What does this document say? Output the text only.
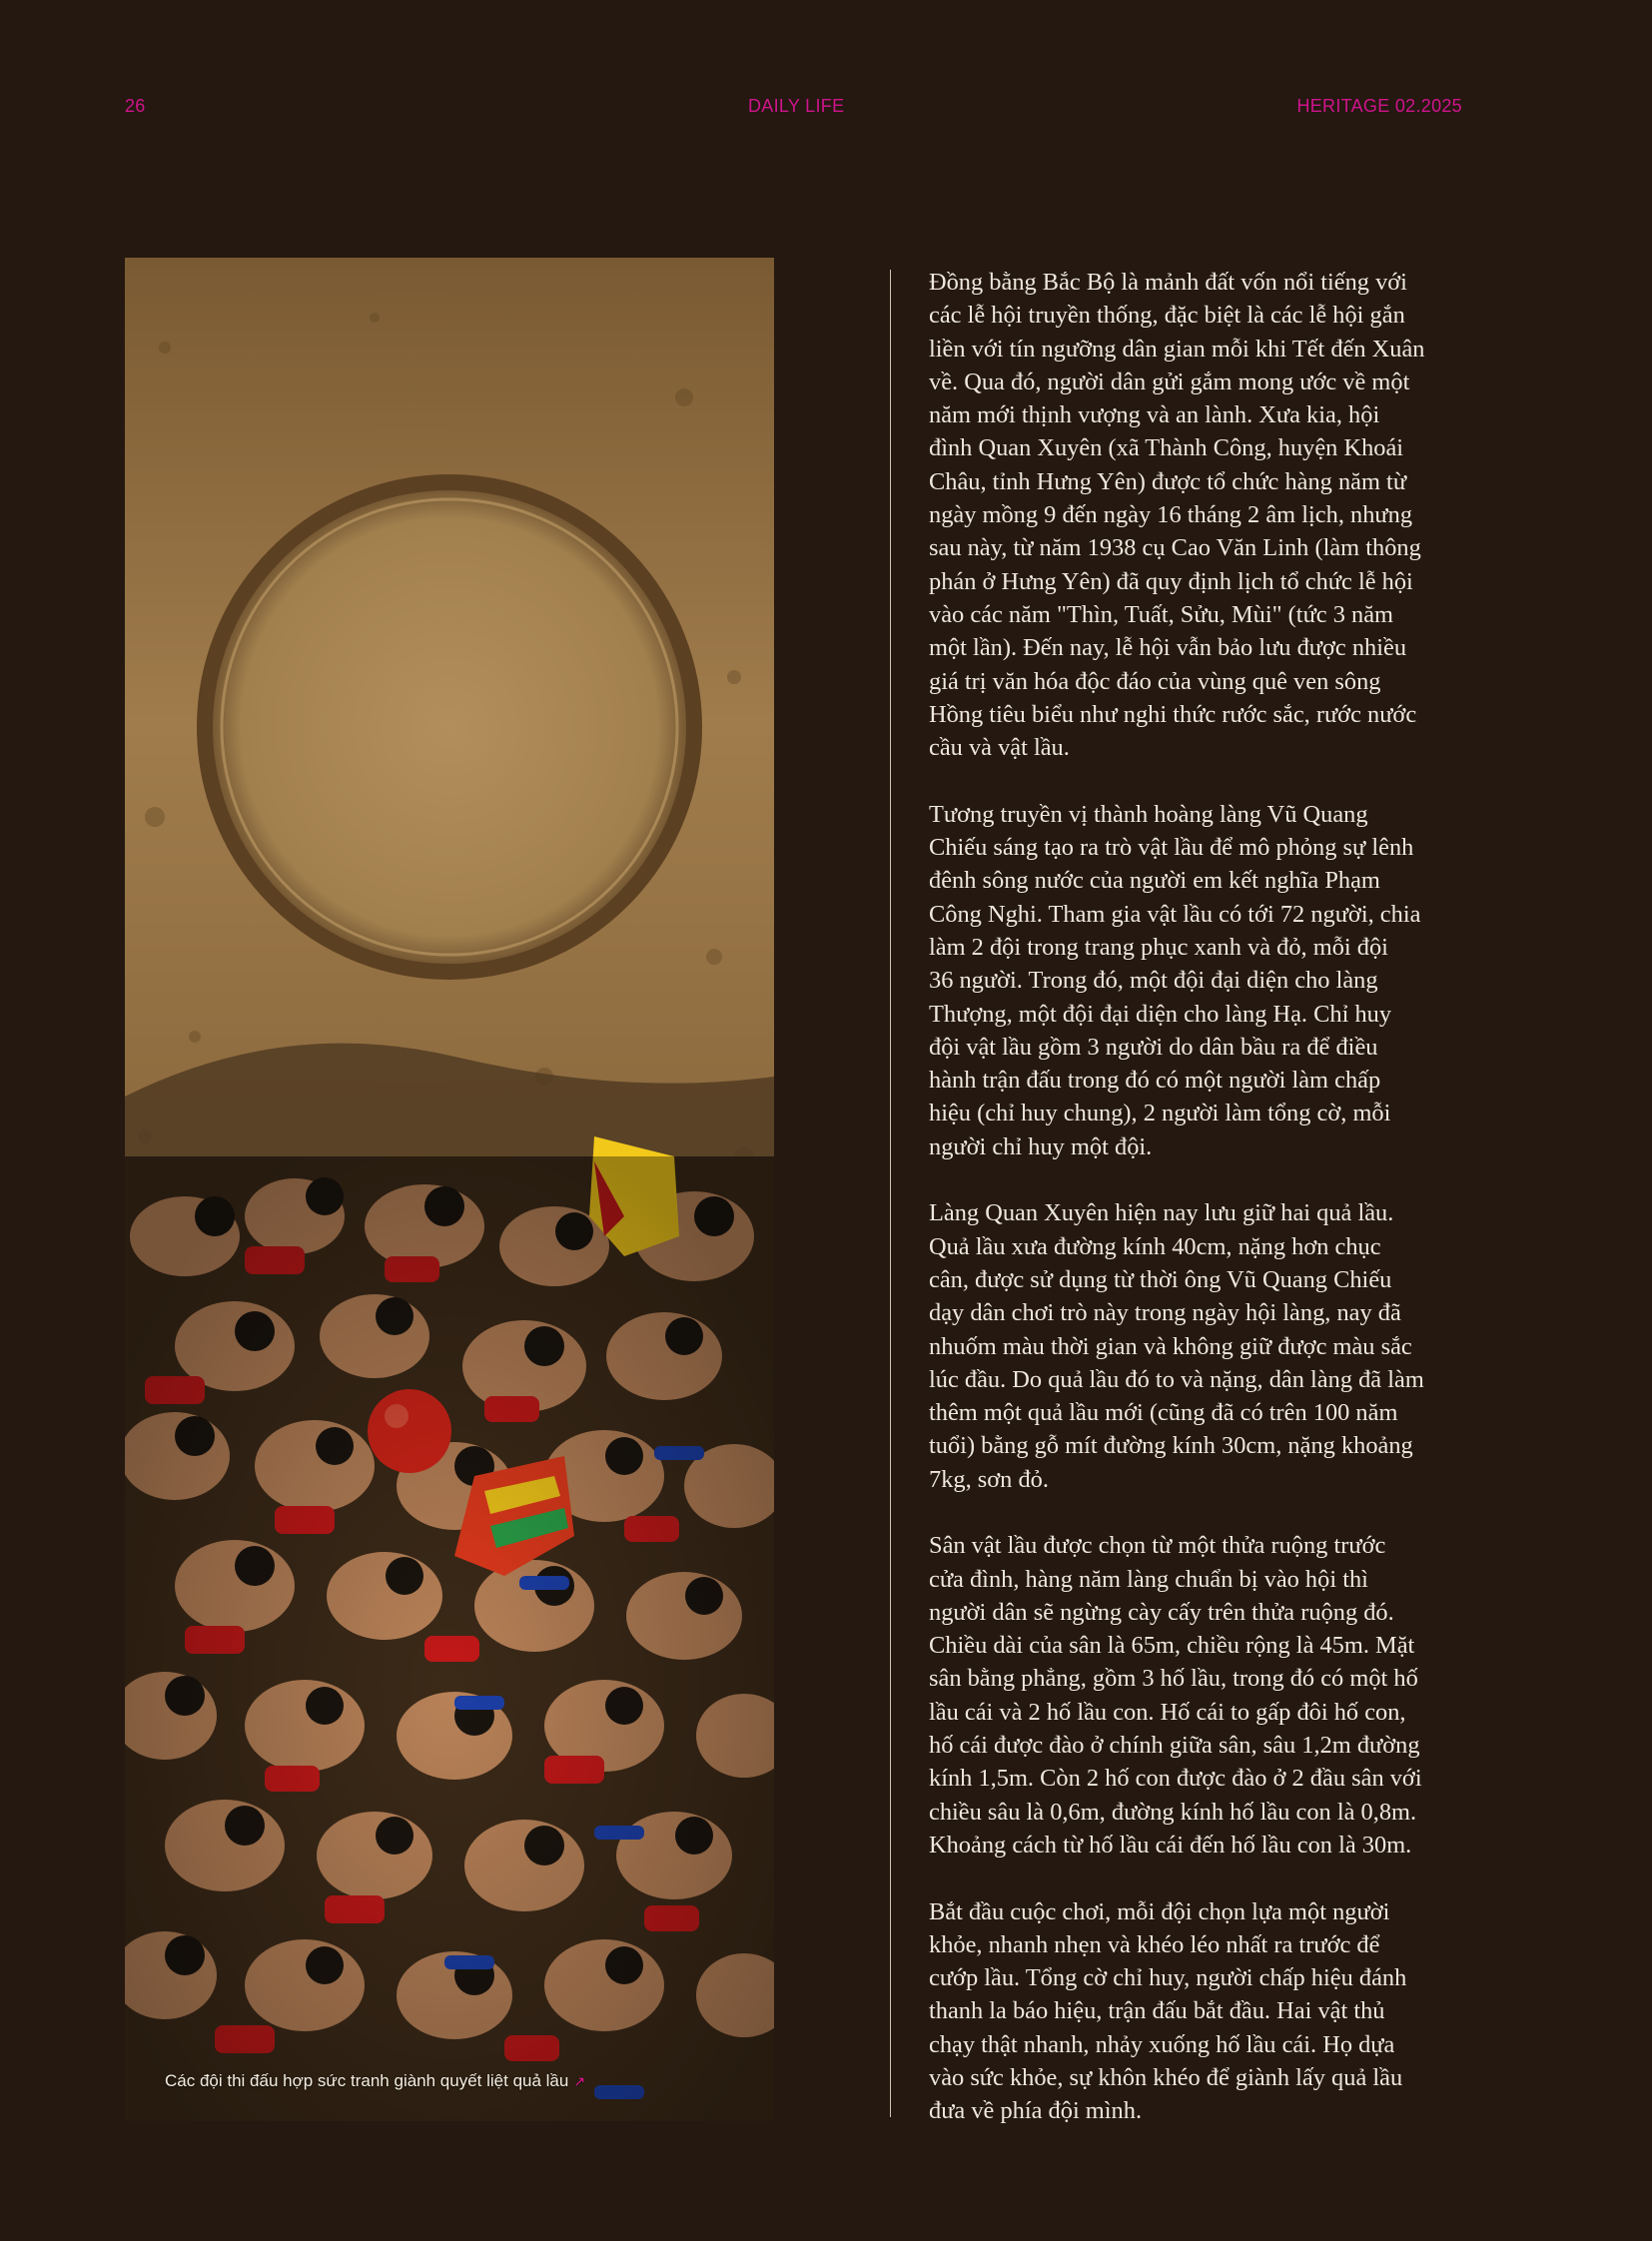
26	DAILY LIFE	HERITAGE 02.2025
Các đội thi đấu hợp sức tranh giành quyết liệt quả lầu ↗

Đồng bằng Bắc Bộ là mảnh đất vốn nổi tiếng với
các lễ hội truyền thống, đặc biệt là các lễ hội gắn
liền với tín ngưỡng dân gian mỗi khi Tết đến Xuân
về. Qua đó, người dân gửi gắm mong ước về một
năm mới thịnh vượng và an lành. Xưa kia, hội
đình Quan Xuyên (xã Thành Công, huyện Khoái
Châu, tỉnh Hưng Yên) được tổ chức hàng năm từ
ngày mồng 9 đến ngày 16 tháng 2 âm lịch, nhưng
sau này, từ năm 1938 cụ Cao Văn Linh (làm thông
phán ở Hưng Yên) đã quy định lịch tổ chức lễ hội
vào các năm "Thìn, Tuất, Sửu, Mùi" (tức 3 năm
một lần). Đến nay, lễ hội vẫn bảo lưu được nhiều
giá trị văn hóa độc đáo của vùng quê ven sông
Hồng tiêu biểu như nghi thức rước sắc, rước nước
cầu và vật lầu.

Tương truyền vị thành hoàng làng Vũ Quang
Chiếu sáng tạo ra trò vật lầu để mô phỏng sự lênh
đênh sông nước của người em kết nghĩa Phạm
Công Nghi. Tham gia vật lầu có tới 72 người, chia
làm 2 đội trong trang phục xanh và đỏ, mỗi đội
36 người. Trong đó, một đội đại diện cho làng
Thượng, một đội đại diện cho làng Hạ. Chỉ huy
đội vật lầu gồm 3 người do dân bầu ra để điều
hành trận đấu trong đó có một người làm chấp
hiệu (chỉ huy chung), 2 người làm tổng cờ, mỗi
người chỉ huy một đội.

Làng Quan Xuyên hiện nay lưu giữ hai quả lầu.
Quả lầu xưa đường kính 40cm, nặng hơn chục
cân, được sử dụng từ thời ông Vũ Quang Chiếu
dạy dân chơi trò này trong ngày hội làng, nay đã
nhuốm màu thời gian và không giữ được màu sắc
lúc đầu. Do quả lầu đó to và nặng, dân làng đã làm
thêm một quả lầu mới (cũng đã có trên 100 năm
tuổi) bằng gỗ mít đường kính 30cm, nặng khoảng
7kg, sơn đỏ.

Sân vật lầu được chọn từ một thửa ruộng trước
cửa đình, hàng năm làng chuẩn bị vào hội thì
người dân sẽ ngừng cày cấy trên thửa ruộng đó.
Chiều dài của sân là 65m, chiều rộng là 45m. Mặt
sân bằng phẳng, gồm 3 hố lầu, trong đó có một hố
lầu cái và 2 hố lầu con. Hố cái to gấp đôi hố con,
hố cái được đào ở chính giữa sân, sâu 1,2m đường
kính 1,5m. Còn 2 hố con được đào ở 2 đầu sân với
chiều sâu là 0,6m, đường kính hố lầu con là 0,8m.
Khoảng cách từ hố lầu cái đến hố lầu con là 30m.

Bắt đầu cuộc chơi, mỗi đội chọn lựa một người
khỏe, nhanh nhẹn và khéo léo nhất ra trước để
cướp lầu. Tổng cờ chỉ huy, người chấp hiệu đánh
thanh la báo hiệu, trận đấu bắt đầu. Hai vật thủ
chạy thật nhanh, nhảy xuống hố lầu cái. Họ dựa
vào sức khỏe, sự khôn khéo để giành lấy quả lầu
đưa về phía đội mình.
